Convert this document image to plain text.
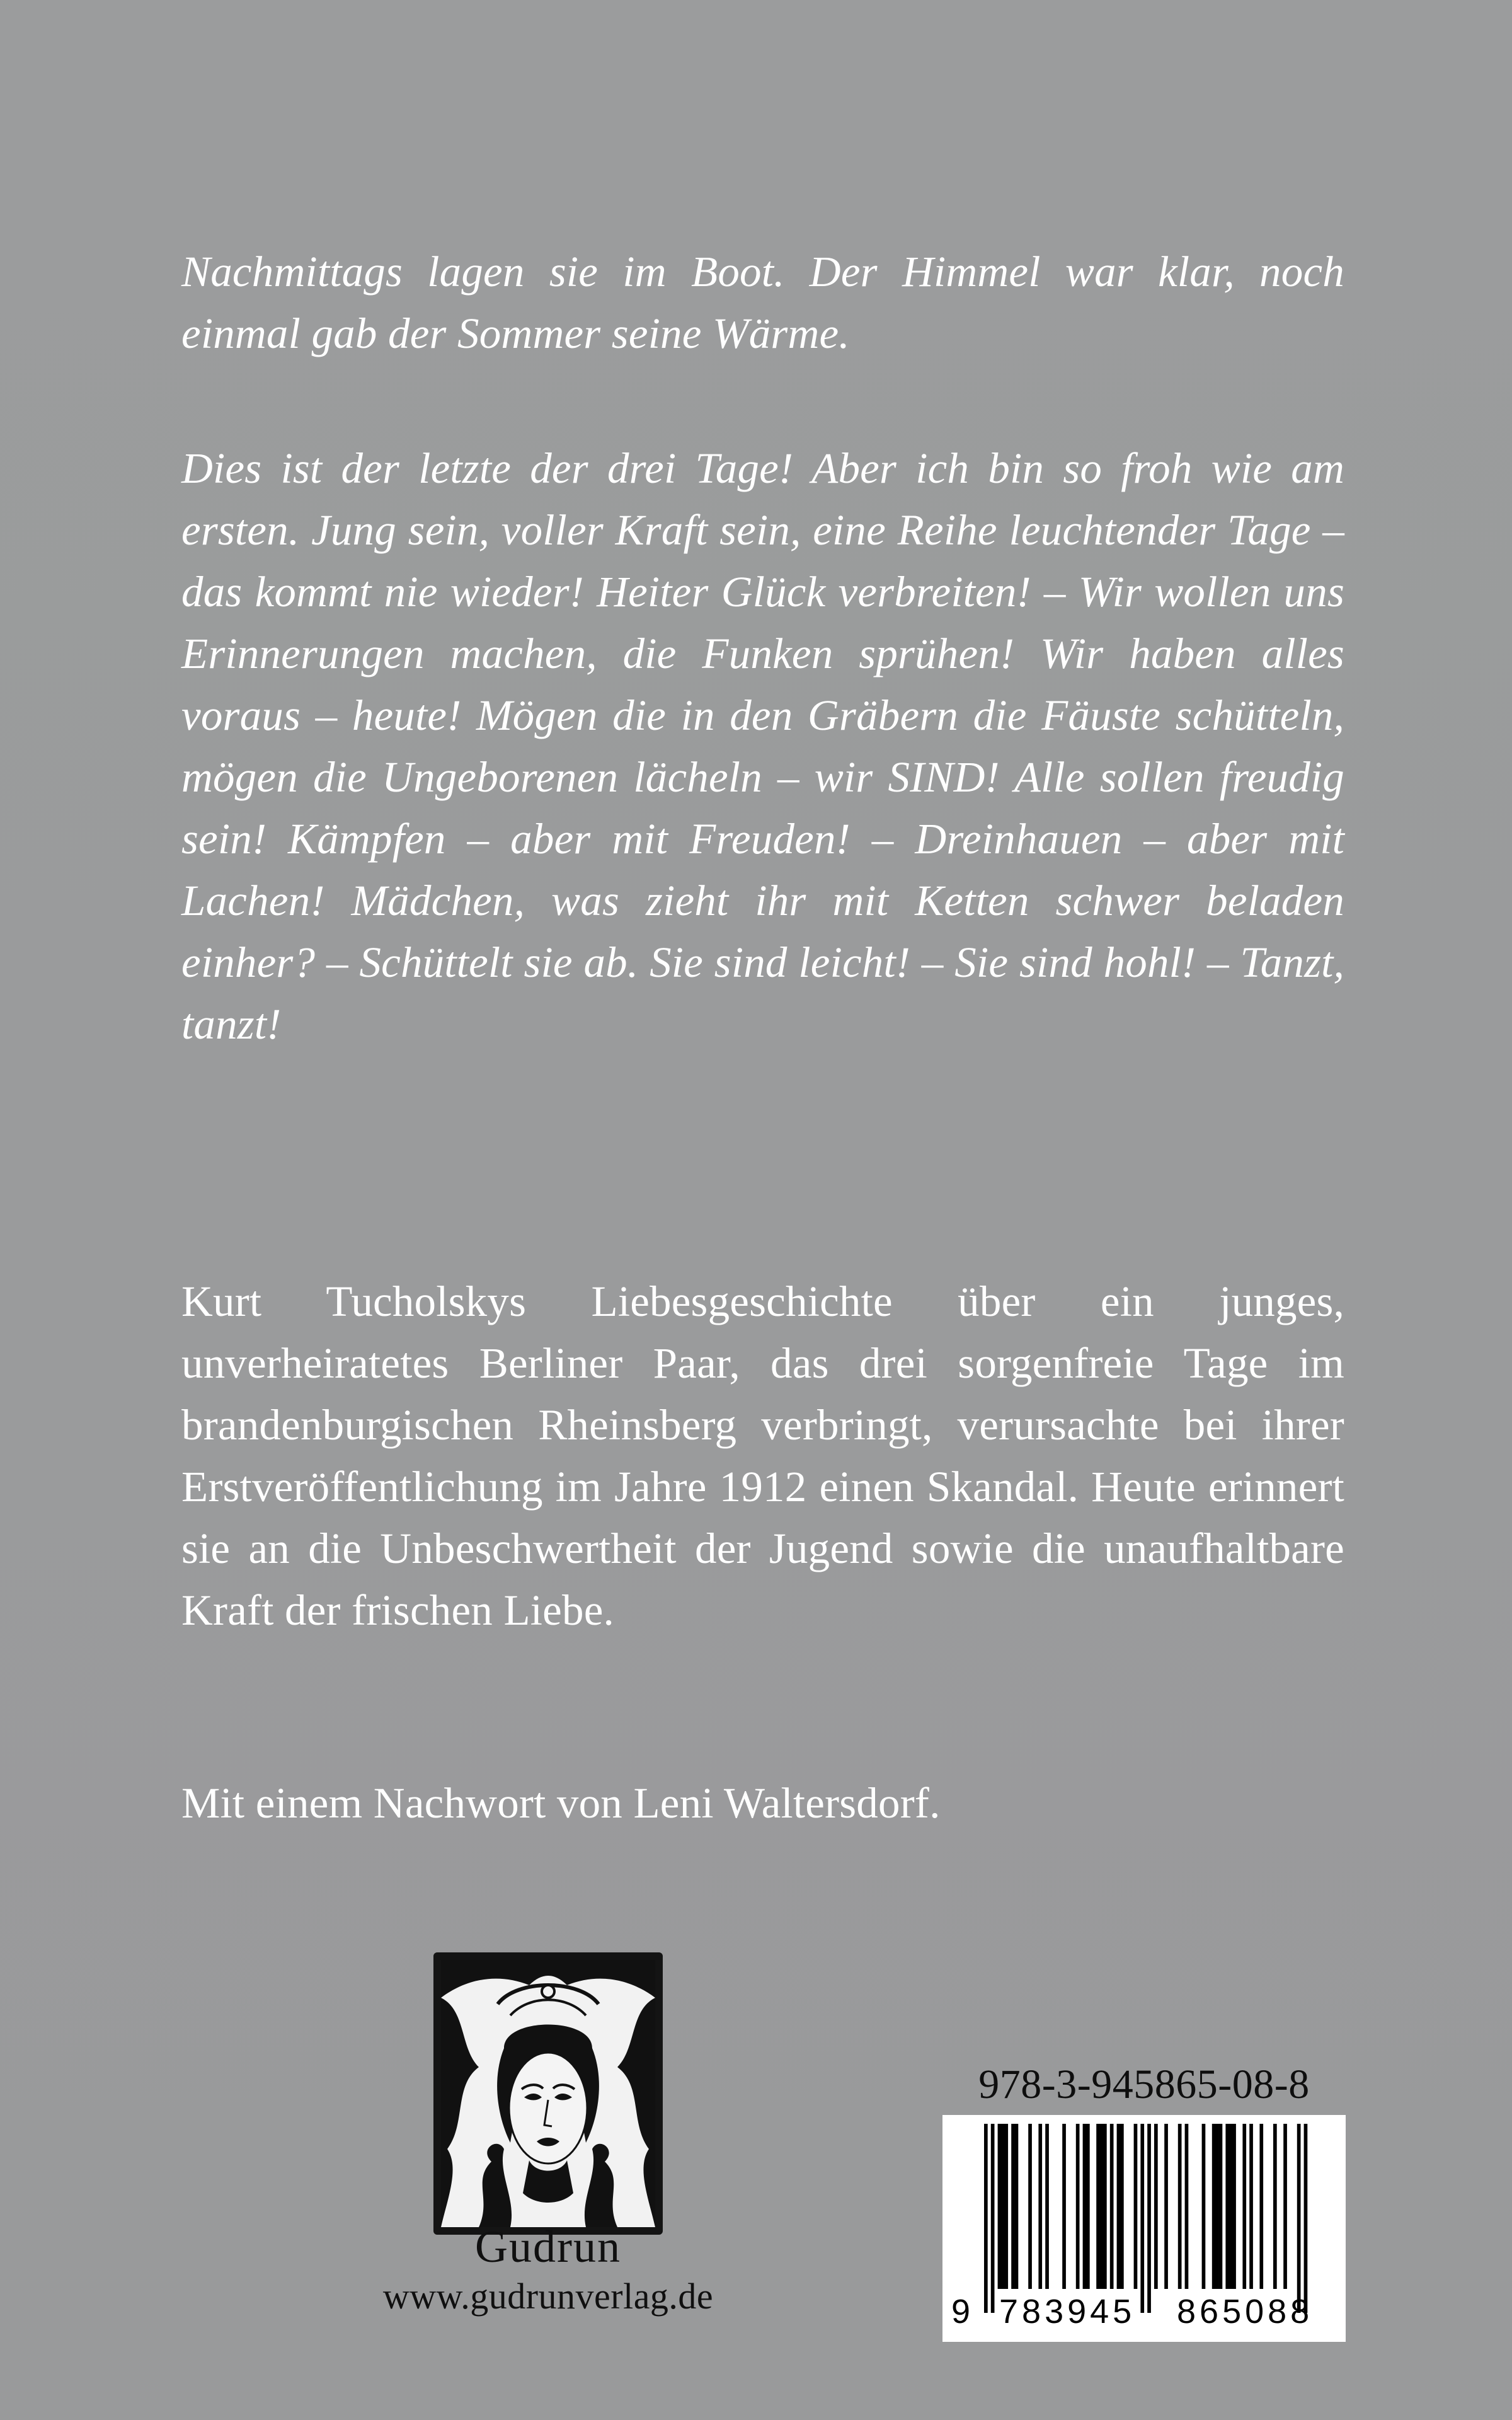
Nachmittags lagen sie im Boot. Der Himmel war klar, noch einmal gab der Sommer seine Wärme.

Dies ist der letzte der drei Tage! Aber ich bin so froh wie am ersten. Jung sein, voller Kraft sein, eine Reihe leuchtender Tage – das kommt nie wieder! Heiter Glück verbreiten! – Wir wollen uns Erinnerungen machen, die Funken sprühen! Wir haben alles voraus – heute! Mögen die in den Gräbern die Fäuste schütteln, mögen die Ungeborenen lächeln – wir SIND! Alle sollen freudig sein! Kämpfen – aber mit Freuden! – Dreinhauen – aber mit Lachen! Mädchen, was zieht ihr mit Ketten schwer beladen einher? – Schüttelt sie ab. Sie sind leicht! – Sie sind hohl! – Tanzt, tanzt!

Kurt Tucholskys Liebesgeschichte über ein junges, unverheiratetes Berliner Paar, das drei sorgenfreie Tage im brandenburgischen Rheinsberg verbringt, verursachte bei ihrer Erstveröffentlichung im Jahre 1912 einen Skandal. Heute erinnert sie an die Unbeschwertheit der Jugend sowie die unaufhaltbare Kraft der frischen Liebe.

Mit einem Nachwort von Leni Waltersdorf.

Gudrun
www.gudrunverlag.de
978-3-945865-08-8
9 783945 865088
